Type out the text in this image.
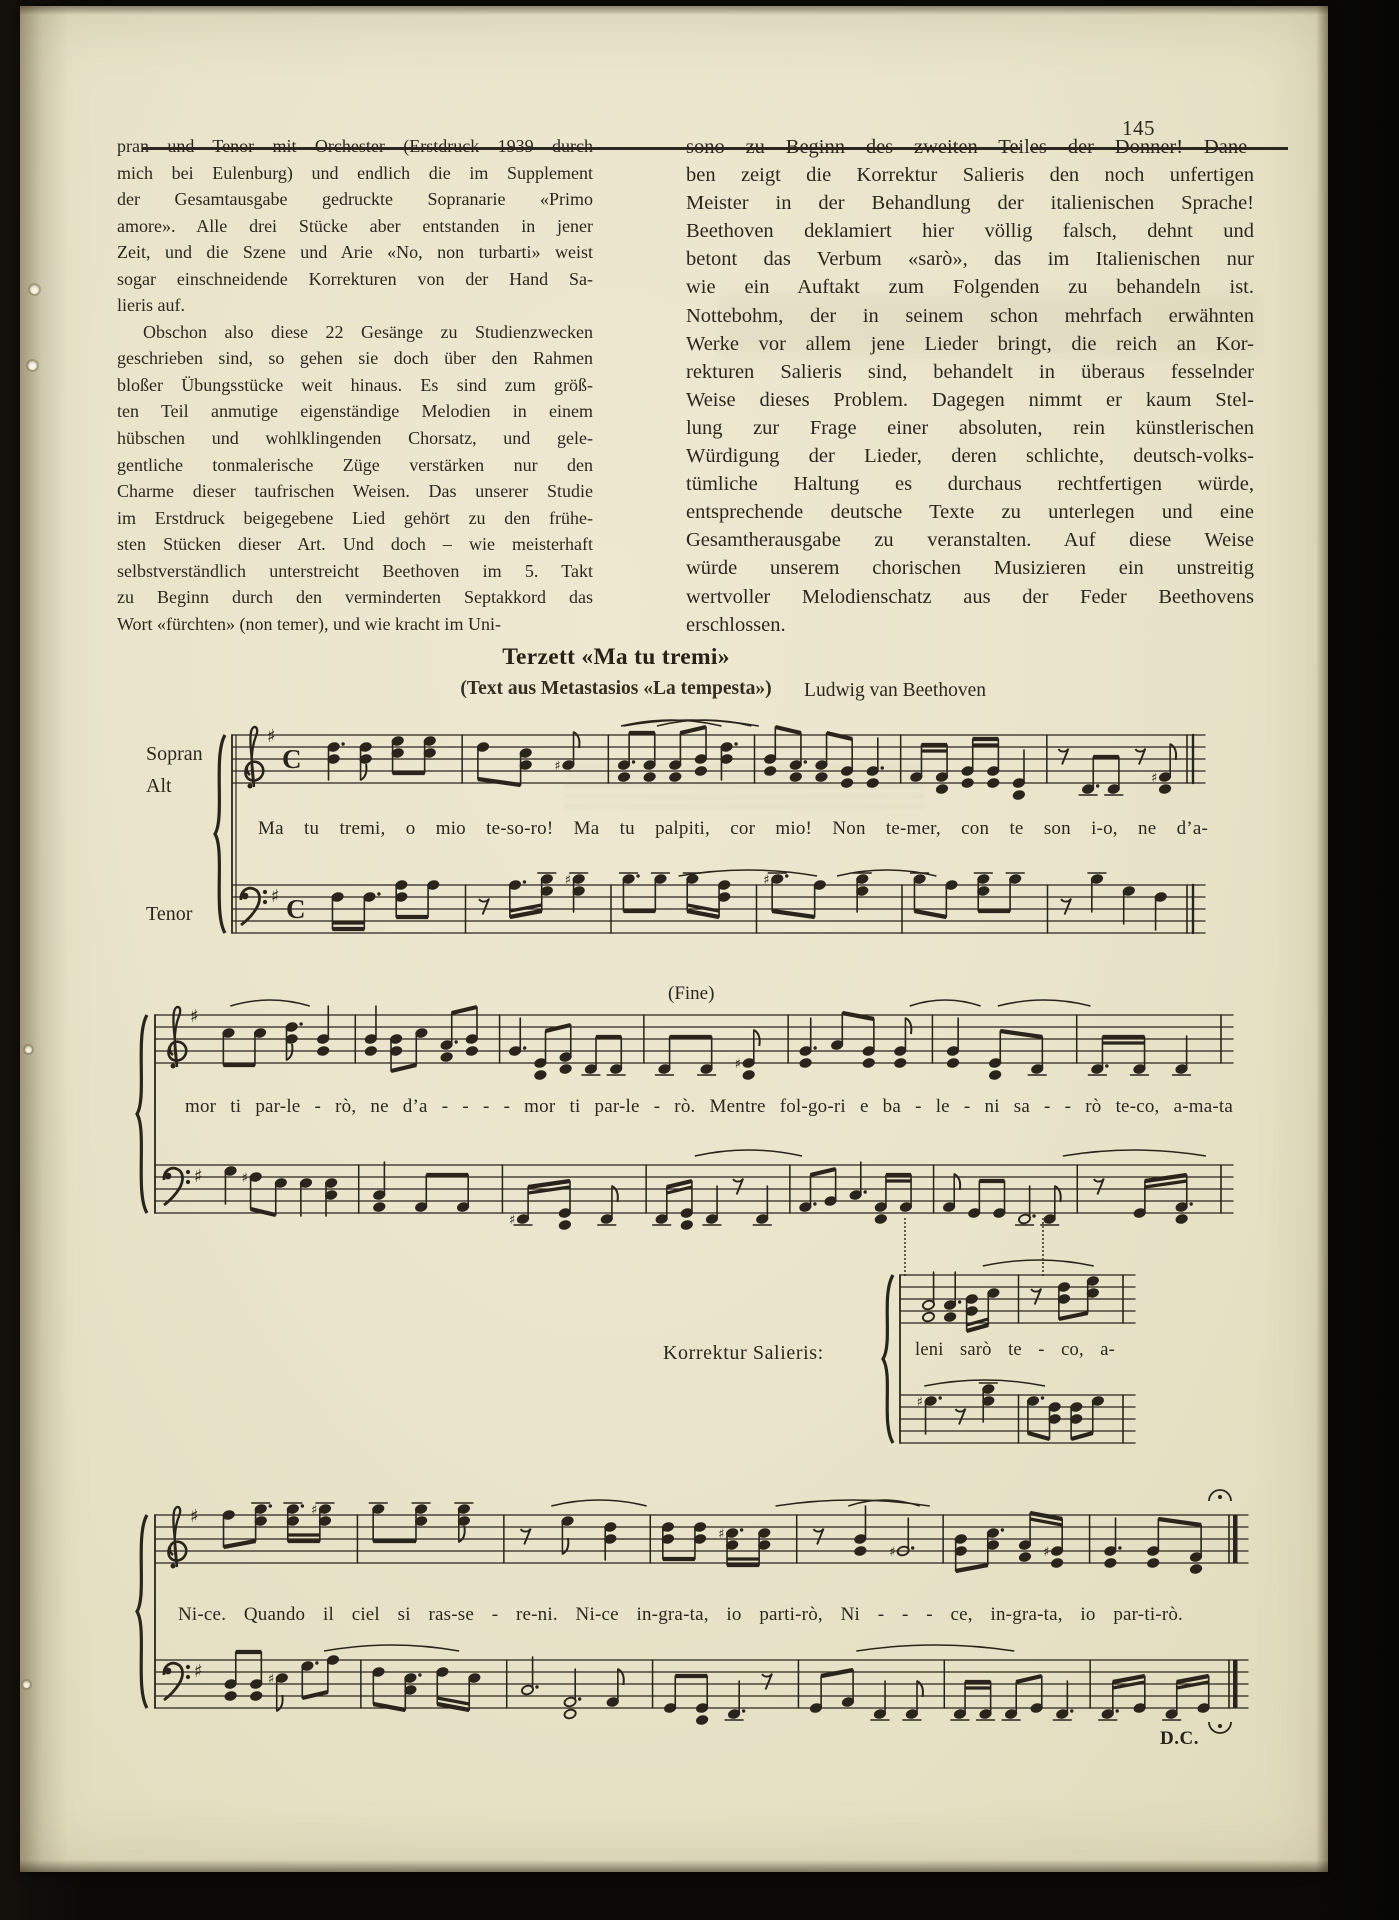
145
pran und Tenor mit Orchester (Erstdruck 1939 durch
mich bei Eulenburg) und endlich die im Supplement
der Gesamtausgabe gedruckte Sopranarie «Primo
amore». Alle drei Stücke aber entstanden in jener
Zeit, und die Szene und Arie «No, non turbarti» weist
sogar einschneidende Korrekturen von der Hand Sa-
lieris auf.
Obschon also diese 22 Gesänge zu Studienzwecken
geschrieben sind, so gehen sie doch über den Rahmen
bloßer Übungsstücke weit hinaus. Es sind zum größ-
ten Teil anmutige eigenständige Melodien in einem
hübschen und wohlklingenden Chorsatz, und gele-
gentliche tonmalerische Züge verstärken nur den
Charme dieser taufrischen Weisen. Das unserer Studie
im Erstdruck beigegebene Lied gehört zu den frühe-
sten Stücken dieser Art. Und doch – wie meisterhaft
selbstverständlich unterstreicht Beethoven im 5. Takt
zu Beginn durch den verminderten Septakkord das
Wort «fürchten» (non temer), und wie kracht im Uni-
sono zu Beginn des zweiten Teiles der Donner! Dane-
ben zeigt die Korrektur Salieris den noch unfertigen
Meister in der Behandlung der italienischen Sprache!
Beethoven deklamiert hier völlig falsch, dehnt und
betont das Verbum «sarò», das im Italienischen nur
wie ein Auftakt zum Folgenden zu behandeln ist.
Nottebohm, der in seinem schon mehrfach erwähnten
Werke vor allem jene Lieder bringt, die reich an Kor-
rekturen Salieris sind, behandelt in überaus fesselnder
Weise dieses Problem. Dagegen nimmt er kaum Stel-
lung zur Frage einer absoluten, rein künstlerischen
Würdigung der Lieder, deren schlichte, deutsch-volks-
tümliche Haltung es durchaus rechtfertigen würde,
entsprechende deutsche Texte zu unterlegen und eine
Gesamtherausgabe zu veranstalten. Auf diese Weise
würde unserem chorischen Musizieren ein unstreitig
wertvoller Melodienschatz aus der Feder Beethovens
erschlossen.
Terzett «Ma tu tremi»
(Text aus Metastasios «La tempesta»)	Ludwig van Beethoven
Sopran
Alt
Tenor
♯
C	♯
♯
♯ C
♯	♯
Ma tu tremi, o mio te-so-ro! Ma tu palpiti, cor mio! Non te-mer, con te son i-o, ne d’a-
(Fine)
♯
♯
♯	♯
♯
mor ti par-le - rò, ne d’a - - - - mor ti par-le - rò. Mentre fol-go-ri e ba - le - ni sa - - rò te-co, a-ma-ta
Korrektur Salieris:
♯
leni sarò te - co, a-
♯	♯
♯
♯	♯
♯	♯
Ni-ce. Quando il ciel si ras-se - re-ni. Ni-ce in-gra-ta, io parti-rò, Ni - - - ce, in-gra-ta, io par-ti-rò.
D.C.
